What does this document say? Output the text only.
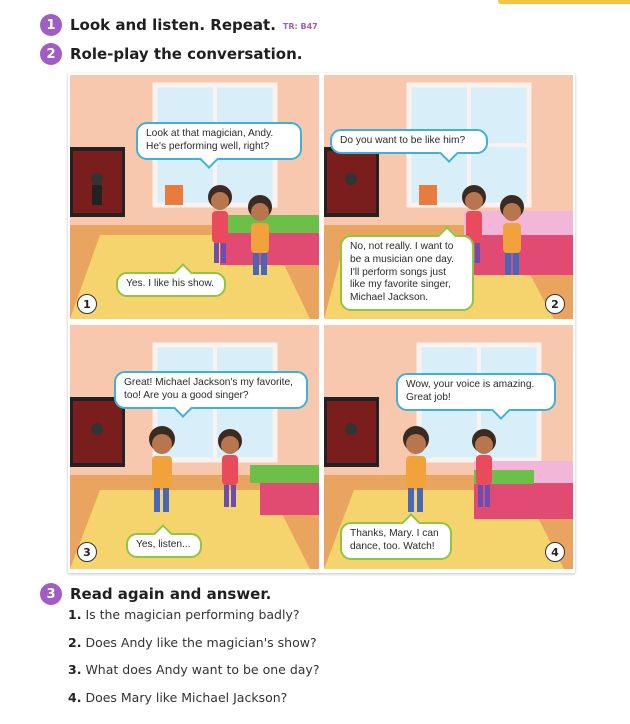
1 Look and listen. Repeat. TR: B47
2 Role-play the conversation.
Look at that magician, Andy.
He's performing well, right?
Yes. I like his show.
1
Do you want to be like him?
No, not really. I want to
be a musician one day.
I'll perform songs just
like my favorite singer,
Michael Jackson.	2
Great! Michael Jackson's my favorite,
too! Are you a good singer?
Yes, listen...
3
Wow, your voice is amazing.
Great job!
Thanks, Mary. I can
dance, too. Watch!	4
3 Read again and answer.
1. Is the magician performing badly?
2. Does Andy like the magician's show?
3. What does Andy want to be one day?
4. Does Mary like Michael Jackson?
